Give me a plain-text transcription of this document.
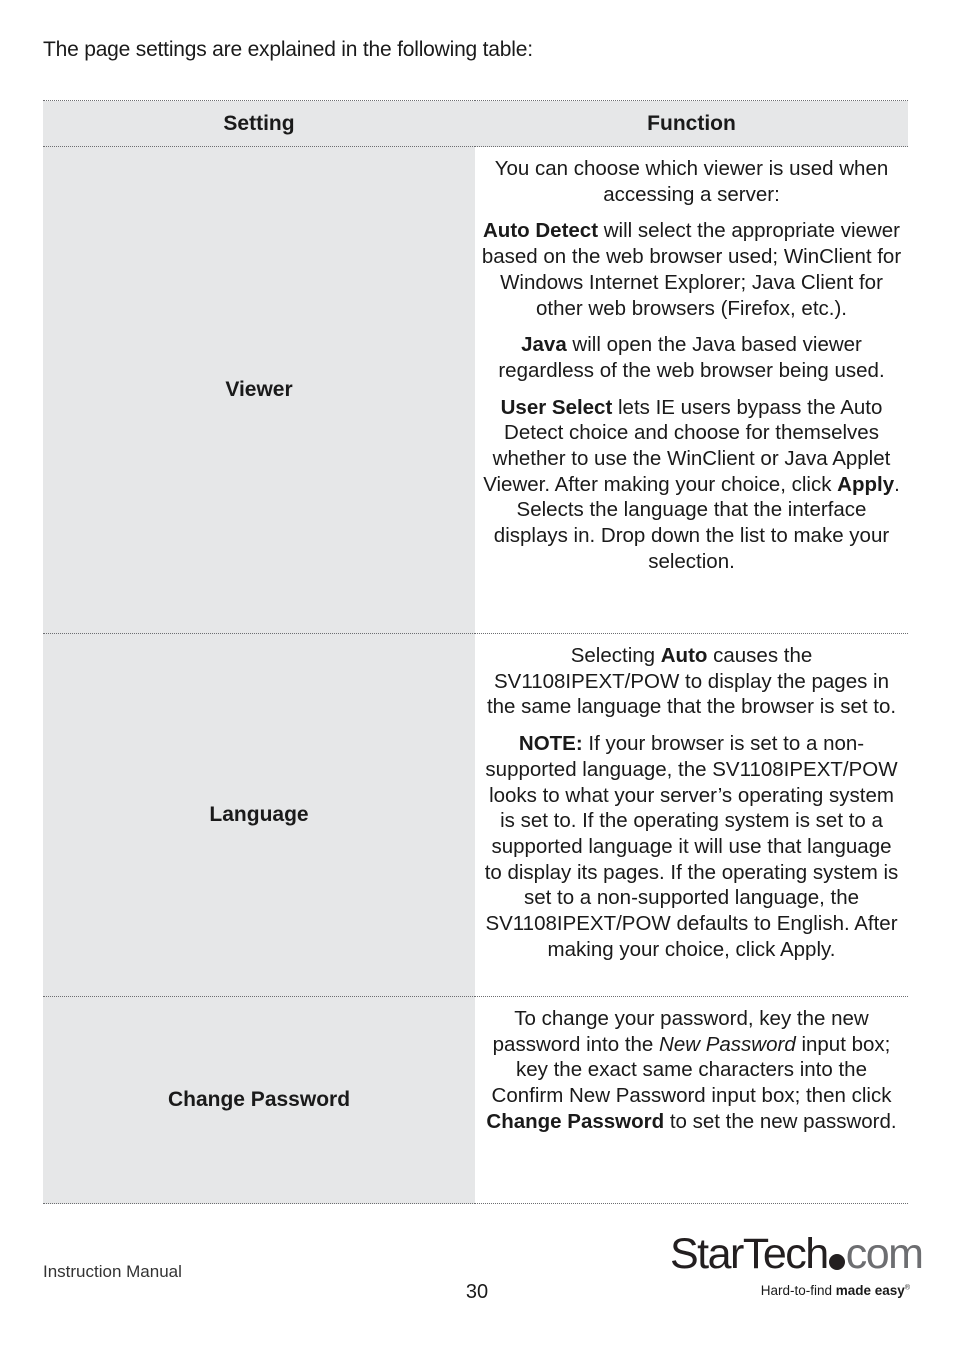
The page settings are explained in the following table:
Setting	Function
Viewer	You can choose which viewer is used when accessing a server:

Auto Detect will select the appropriate viewer based on the web browser used; WinClient for Windows Internet Explorer; Java Client for other web browsers (Firefox, etc.).

Java will open the Java based viewer regardless of the web browser being used.

User Select lets IE users bypass the Auto Detect choice and choose for themselves whether to use the WinClient or Java Applet Viewer. After making your choice, click Apply. Selects the language that the interface displays in. Drop down the list to make your selection.

Language	Selecting Auto causes the SV1108IPEXT/POW to display the pages in the same language that the browser is set to.

NOTE: If your browser is set to a non-supported language, the SV1108IPEXT/POW looks to what your server’s operating system is set to. If the operating system is set to a supported language it will use that language to display its pages. If the operating system is set to a non-supported language, the SV1108IPEXT/POW defaults to English. After making your choice, click Apply.

Change Password	To change your password, key the new password into the New Password input box; key the exact same characters into the Confirm New Password input box; then click Change Password to set the new password.

Instruction Manual
30
StarTech com
Hard-to-find made easy®
